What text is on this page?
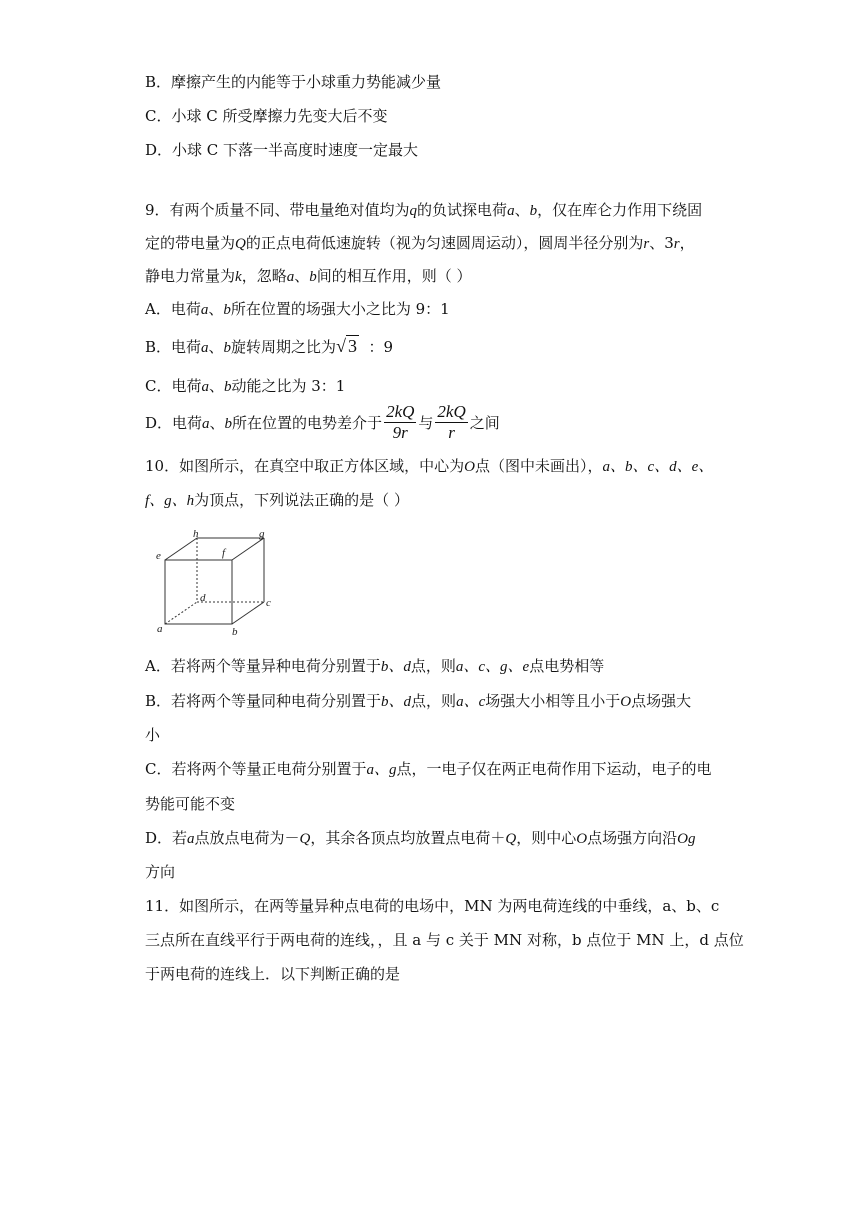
B．摩擦产生的内能等于小球重力势能减少量
C．小球 C 所受摩擦力先变大后不变
D．小球 C 下落一半高度时速度一定最大
9．有两个质量不同、带电量绝对值均为q的负试探电荷a、b，仅在库仑力作用下绕固
定的带电量为Q的正点电荷低速旋转（视为匀速圆周运动），圆周半径分别为r、3r，
静电力常量为k，忽略a、b间的相互作用，则（ ）
A．电荷a、b所在位置的场强大小之比为 9：1
B．电荷a、b旋转周期之比为√ 3 ：9
C．电荷a、b动能之比为 3：1
D．电荷a、b所在位置的电势差介于 $\frac{2kQ}{9r}$ 与 $\frac{2kQ}{r}$ 之间
10．如图所示，在真空中取正方体区域，中心为O点（图中未画出），a、b、c、d、e、
f、g、h为顶点，下列说法正确的是（ ）
h	g
e	f
d	c
a	b
A．若将两个等量异种电荷分别置于b、d点，则a、c、g、e点电势相等
B．若将两个等量同种电荷分别置于b、d点，则a、c场强大小相等且小于O点场强大
小
C．若将两个等量正电荷分别置于a、g点，一电子仅在两正电荷作用下运动，电子的电
势能可能不变
D．若a点放点电荷为－Q，其余各顶点均放置点电荷＋Q，则中心O点场强方向沿Og
方向
11．如图所示，在两等量异种点电荷的电场中，MN 为两电荷连线的中垂线，a、b、c
三点所在直线平行于两电荷的连线，，且 a 与 c 关于 MN 对称，b 点位于 MN 上，d 点位
于两电荷的连线上．以下判断正确的是
